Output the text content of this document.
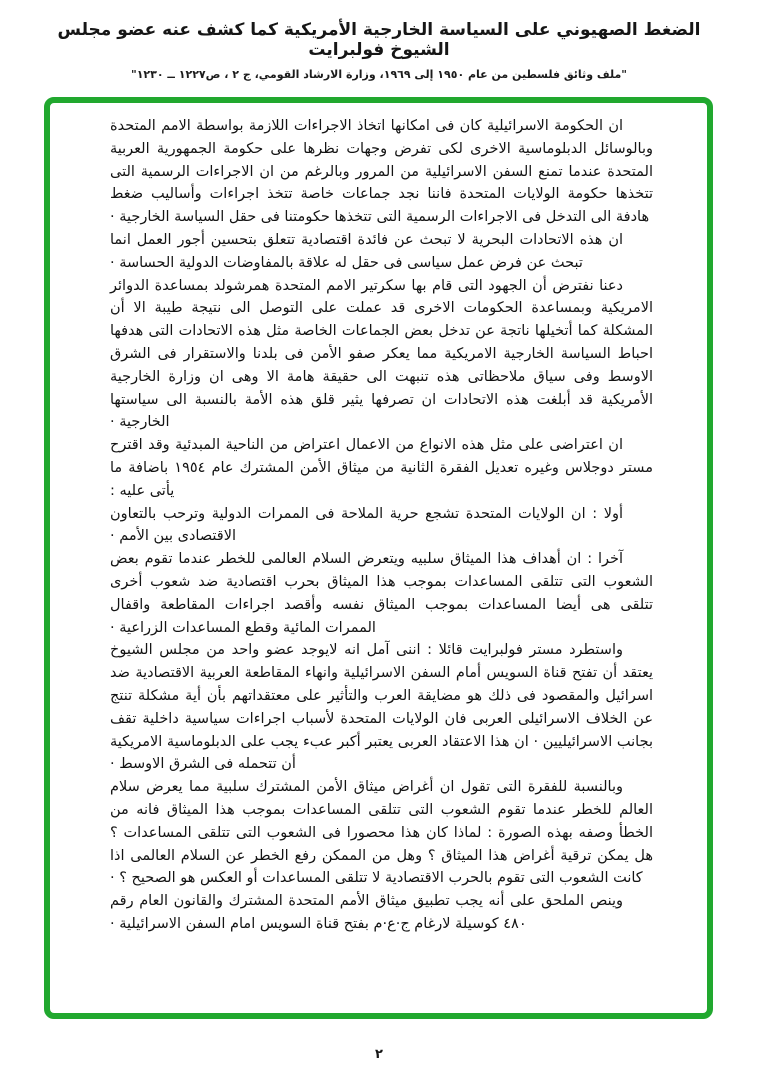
الضغط الصهيوني على السياسة الخارجية الأمريكية كما كشف عنه عضو مجلس الشيوخ فولبرايت
"ملف وثائق فلسطين من عام ١٩٥٠ إلى ١٩٦٩، وزارة الارشاد القومي، ج ٢ ، ص١٢٢٧ ــ ١٢٣٠"

ان الحكومة الاسرائيلية كان فى امكانها اتخاذ الاجراءات اللازمة بواسطة الامم المتحدة وبالوسائل الدبلوماسية الاخرى لكى تفرض وجهات نظرها على حكومة الجمهورية العربية المتحدة عندما تمنع السفن الاسرائيلية من المرور وبالرغم من ان الاجراءات الرسمية التى تتخذها حكومة الولايات المتحدة فاننا نجد جماعات خاصة تتخذ اجراءات وأساليب ضغط هادفة الى التدخل فى الاجراءات الرسمية التى تتخذها حكومتنا فى حقل السياسة الخارجية ·

ان هذه الاتحادات البحرية لا تبحث عن فائدة اقتصادية تتعلق بتحسين أجور العمل انما تبحث عن فرض عمل سياسى فى حقل له علاقة بالمفاوضات الدولية الحساسة ·

دعنا نفترض أن الجهود التى قام بها سكرتير الامم المتحدة همرشولد بمساعدة الدوائر الامريكية وبمساعدة الحكومات الاخرى قد عملت على التوصل الى نتيجة طيبة الا أن المشكلة كما أتخيلها ناتجة عن تدخل بعض الجماعات الخاصة مثل هذه الاتحادات التى هدفها احباط السياسة الخارجية الامريكية مما يعكر صفو الأمن فى بلدنا والاستقرار فى الشرق الاوسط وفى سياق ملاحظاتى هذه تنبهت الى حقيقة هامة الا وهى ان وزارة الخارجية الأمريكية قد أبلغت هذه الاتحادات ان تصرفها يثير قلق هذه الأمة بالنسبة الى سياستها الخارجية ·

ان اعتراضى على مثل هذه الانواع من الاعمال اعتراض من الناحية المبدئية وقد اقترح مستر دوجلاس وغيره تعديل الفقرة الثانية من ميثاق الأمن المشترك عام ١٩٥٤ باضافة ما يأتى عليه :

أولا : ان الولايات المتحدة تشجع حرية الملاحة فى الممرات الدولية وترحب بالتعاون الاقتصادى بين الأمم ·

آخرا : ان أهداف هذا الميثاق سلبيه ويتعرض السلام العالمى للخطر عندما تقوم بعض الشعوب التى تتلقى المساعدات بموجب هذا الميثاق بحرب اقتصادية ضد شعوب أخرى تتلقى هى أيضا المساعدات بموجب الميثاق نفسه وأقصد اجراءات المقاطعة واقفال الممرات المائية وقطع المساعدات الزراعية ·

واستطرد مستر فولبرايت قائلا : اننى آمل انه لايوجد عضو واحد من مجلس الشيوخ يعتقد أن تفتح قناة السويس أمام السفن الاسرائيلية وانهاء المقاطعة العربية الاقتصادية ضد اسرائيل والمقصود فى ذلك هو مضايقة العرب والتأثير على معتقداتهم بأن أية مشكلة تنتج عن الخلاف الاسرائيلى العربى فان الولايات المتحدة لأسباب اجراءات سياسية داخلية تقف بجانب الاسرائيليين · ان هذا الاعتقاد العربى يعتبر أكبر عبء يجب على الدبلوماسية الامريكية أن تتحمله فى الشرق الاوسط ·

وبالنسبة للفقرة التى تقول ان أغراض ميثاق الأمن المشترك سلبية مما يعرض سلام العالم للخطر عندما تقوم الشعوب التى تتلقى المساعدات بموجب هذا الميثاق فانه من الخطأ وصفه بهذه الصورة : لماذا كان هذا محصورا فى الشعوب التى تتلقى المساعدات ؟ هل يمكن ترقية أغراض هذا الميثاق ؟ وهل من الممكن رفع الخطر عن السلام العالمى اذا كانت الشعوب التى تقوم بالحرب الاقتصادية لا تتلقى المساعدات أو العكس هو الصحيح ؟ ·

وينص الملحق على أنه يجب تطبيق ميثاق الأمم المتحدة المشترك والقانون العام رقم ٤٨٠ كوسيلة لارغام ج·ع·م بفتح قناة السويس امام السفن الاسرائيلية ·

٢
